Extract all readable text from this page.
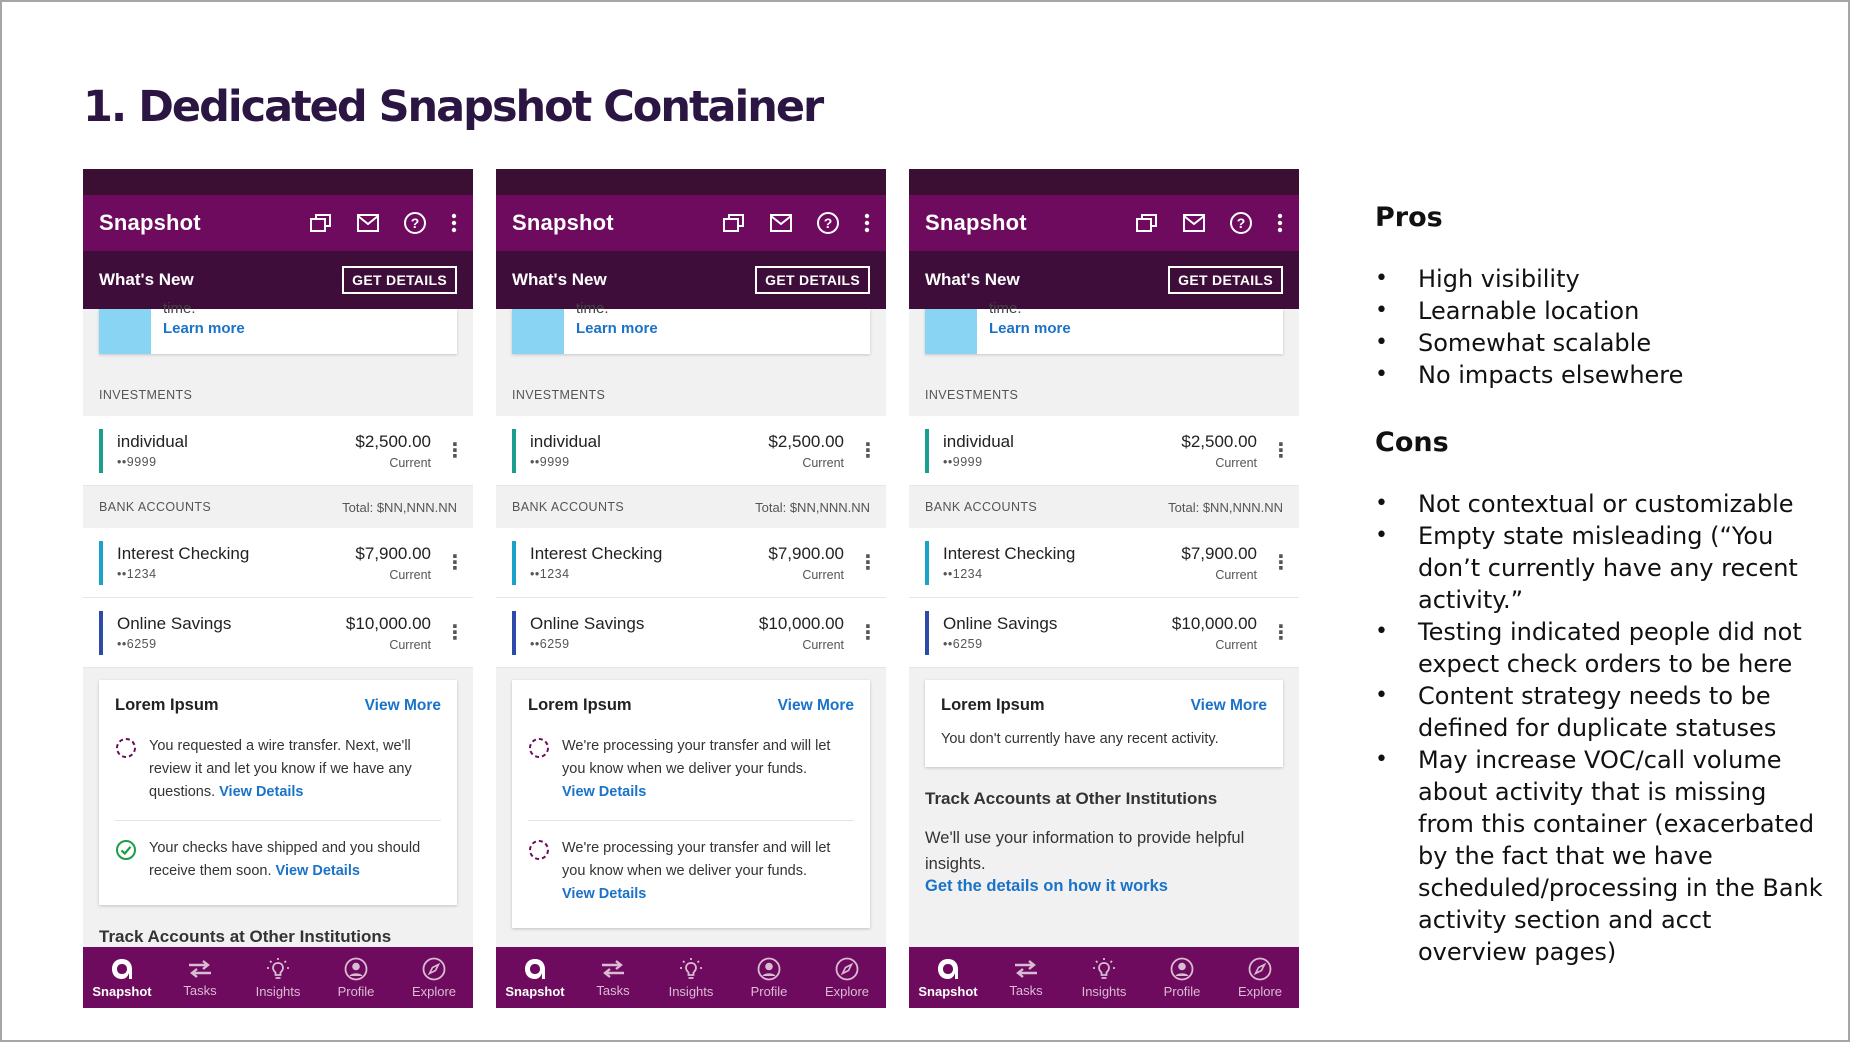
1. Dedicated Snapshot Container
Snapshot	?
What's New	GET DETAILS
time.
Learn more
INVESTMENTS
individual
••9999
$2,500.00
Current
⋮
BANK ACCOUNTS	Total: $NN,NNN.NN
Interest Checking
••1234
$7,900.00
Current
⋮
Online Savings
••6259
$10,000.00
Current
⋮
Lorem Ipsum	View More
You requested a wire transfer. Next, we'll review it and let you know if we have any questions. View Details
Your checks have shipped and you should receive them soon. View Details
Track Accounts at Other Institutions
Snapshot Tasks	Insights	Profile	Explore
Snapshot	?
What's New	GET DETAILS
time.
Learn more
INVESTMENTS
individual
••9999
$2,500.00
Current
⋮
BANK ACCOUNTS	Total: $NN,NNN.NN
Interest Checking
••1234
$7,900.00
Current
⋮
Online Savings
••6259
$10,000.00
Current
⋮
Lorem Ipsum	View More
We're processing your transfer and will let you know when we deliver your funds.
View Details
We're processing your transfer and will let you know when we deliver your funds.
View Details
Snapshot Tasks	Insights	Profile	Explore
Snapshot	?
What's New	GET DETAILS
time.
Learn more
INVESTMENTS
individual
••9999
$2,500.00
Current
⋮
BANK ACCOUNTS	Total: $NN,NNN.NN
Interest Checking
••1234
$7,900.00
Current
⋮
Online Savings
••6259
$10,000.00
Current
⋮
Lorem Ipsum	View More
You don't currently have any recent activity.
Track Accounts at Other Institutions
We'll use your information to provide helpful insights.
Get the details on how it works
Snapshot Tasks	Insights	Profile	Explore
Pros
• High visibility
• Learnable location
• Somewhat scalable
• No impacts elsewhere
Cons
• Not contextual or customizable
• Empty state misleading (“You don’t currently have any recent activity.”
• Testing indicated people did not expect check orders to be here
• Content strategy needs to be defined for duplicate statuses
• May increase VOC/call volume about activity that is missing from this container (exacerbated by the fact that we have scheduled/processing in the Bank activity section and acct overview pages)
